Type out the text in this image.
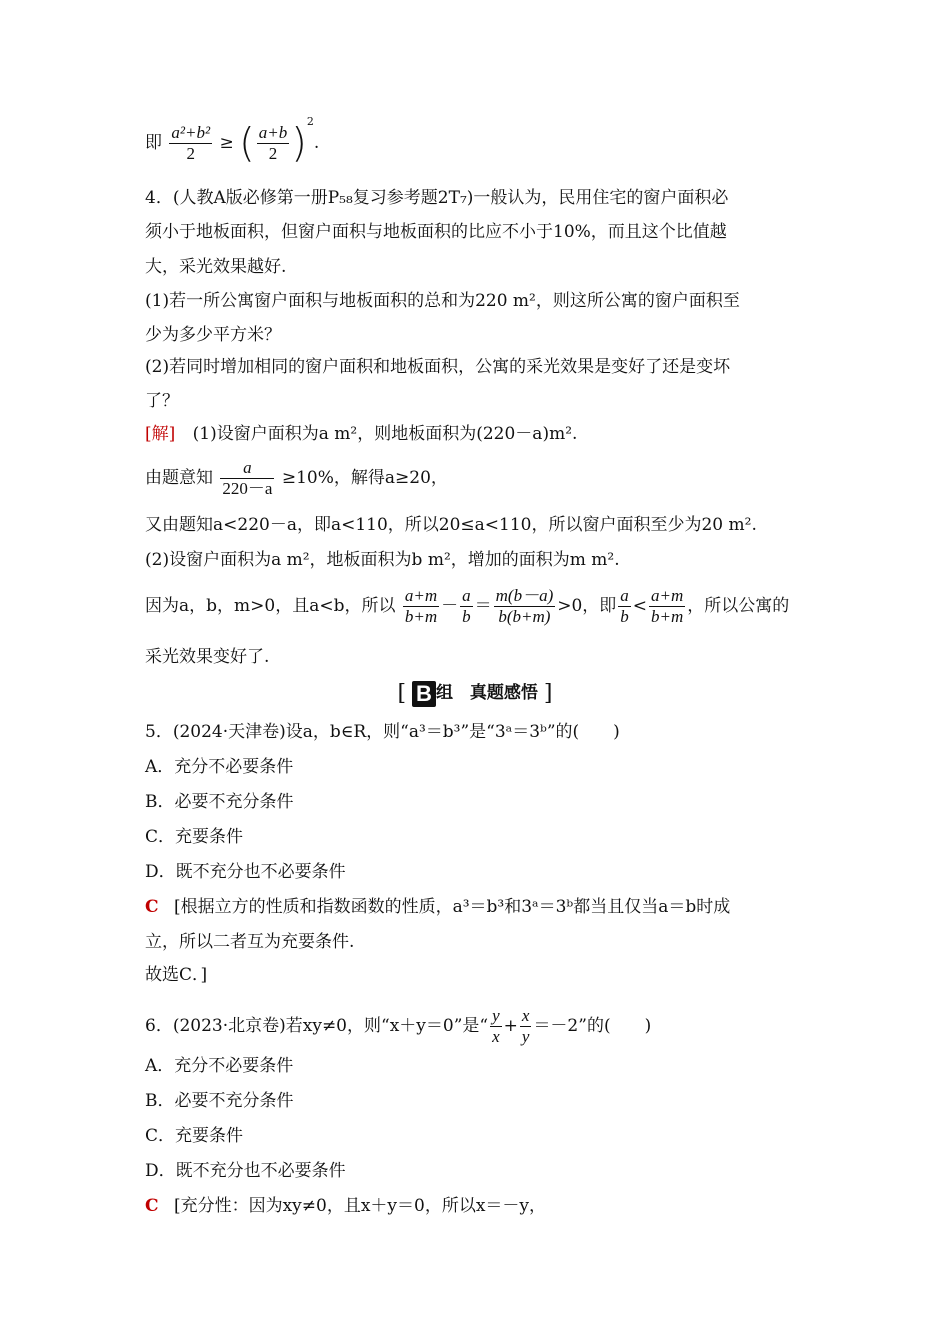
即 $\frac{\text{a²+b²}}{2}$ ≥ ( $\frac{a+b}{2} )^2$.
4．(人教A版必修第一册P₅₈复习参考题2T₇)一般认为，民用住宅的窗户面积必
须小于地板面积，但窗户面积与地板面积的比应不小于10%，而且这个比值越
大，采光效果越好.
(1)若一所公寓窗户面积与地板面积的总和为220 m²，则这所公寓的窗户面积至
少为多少平方米？
(2)若同时增加相同的窗户面积和地板面积，公寓的采光效果是变好了还是变坏
了？
[解] (1)设窗户面积为a m²，则地板面积为(220－a)m².
由题意知 $\frac{a}{220-a} \ge 10\%$，解得a≥20，
又由题知a<220－a，即a<110，所以20≤a<110，所以窗户面积至少为20 m².
(2)设窗户面积为a m²，地板面积为b m²，增加的面积为m m².
因为a，b，m>0，且a<b，所以 $\frac{a+m}{b+m} - \frac{a}{b} = \frac{m(b-a)}{b(b+m)} >0$，即 $\frac{a}{b} < \frac{a+m}{b+m}$ ，所以公寓的
采光效果变好了.
[ B 组　真题感悟 ]
5．(2024·天津卷)设a，b∈R，则“a³＝b³”是“3ᵃ＝3ᵇ”的(　　)
A．充分不必要条件
B．必要不充分条件
C．充要条件
D．既不充分也不必要条件
C [根据立方的性质和指数函数的性质，a³＝b³和3ᵃ＝3ᵇ都当且仅当a＝b时成
立，所以二者互为充要条件.
故选C．]
6．(2023·北京卷)若xy≠0，则“x＋y＝0”是“ $\frac{y}{x} + \frac{x}{y} =-2$”的(　　)
A．充分不必要条件
B．必要不充分条件
C．充要条件
D．既不充分也不必要条件
C [充分性：因为xy≠0，且x＋y＝0，所以x＝－y，
